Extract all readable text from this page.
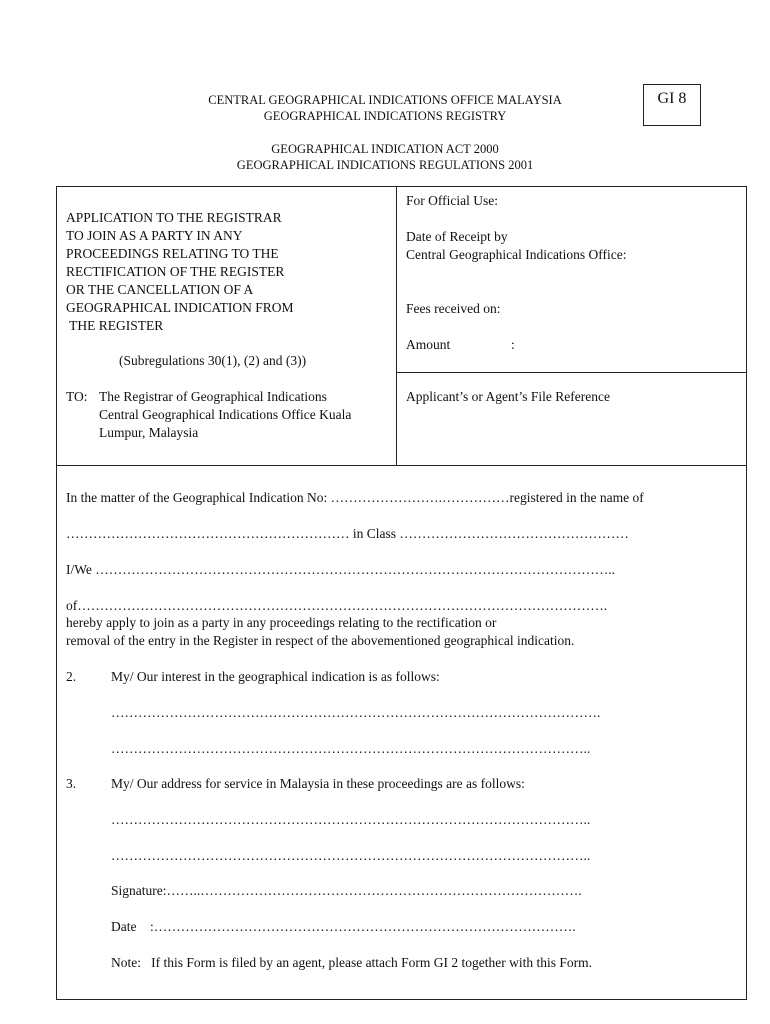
CENTRAL GEOGRAPHICAL INDICATIONS OFFICE MALAYSIA
GEOGRAPHICAL INDICATIONS REGISTRY
GEOGRAPHICAL INDICATION ACT 2000
GEOGRAPHICAL INDICATIONS REGULATIONS 2001
GI 8
APPLICATION TO THE REGISTRAR
TO JOIN AS A PARTY IN ANY
PROCEEDINGS RELATING TO THE
RECTIFICATION OF THE REGISTER
OR THE CANCELLATION OF A
GEOGRAPHICAL INDICATION FROM
THE REGISTER
(Subregulations 30(1), (2) and (3))
TO: The Registrar of Geographical Indications
Central Geographical Indications Office Kuala
Lumpur, Malaysia
For Official Use:
Date of Receipt by
Central Geographical Indications Office:
Fees received on:
Amount	:
Applicant’s or Agent’s File Reference
In the matter of the Geographical Indication No: …………………….……………registered in the name of
……………………………………………………… in Class ……………………………………………
I/We ……………………………………………………………………………………………………..
of……………………………………………………………………………………………………….
hereby apply to join as a party in any proceedings relating to the rectification or
removal of the entry in the Register in respect of the abovementioned geographical indication.
2.	My/ Our interest in the geographical indication is as follows:
……………………………………………………………………………………………….
……………………………………………………………………………………………..
3.	My/ Our address for service in Malaysia in these proceedings are as follows:
……………………………………………………………………………………………..
……………………………………………………………………………………………..
Signature:……..………………………………………………………………………….
Date    :………………………………………………………………………………….
Note:   If this Form is filed by an agent, please attach Form GI 2 together with this Form.
